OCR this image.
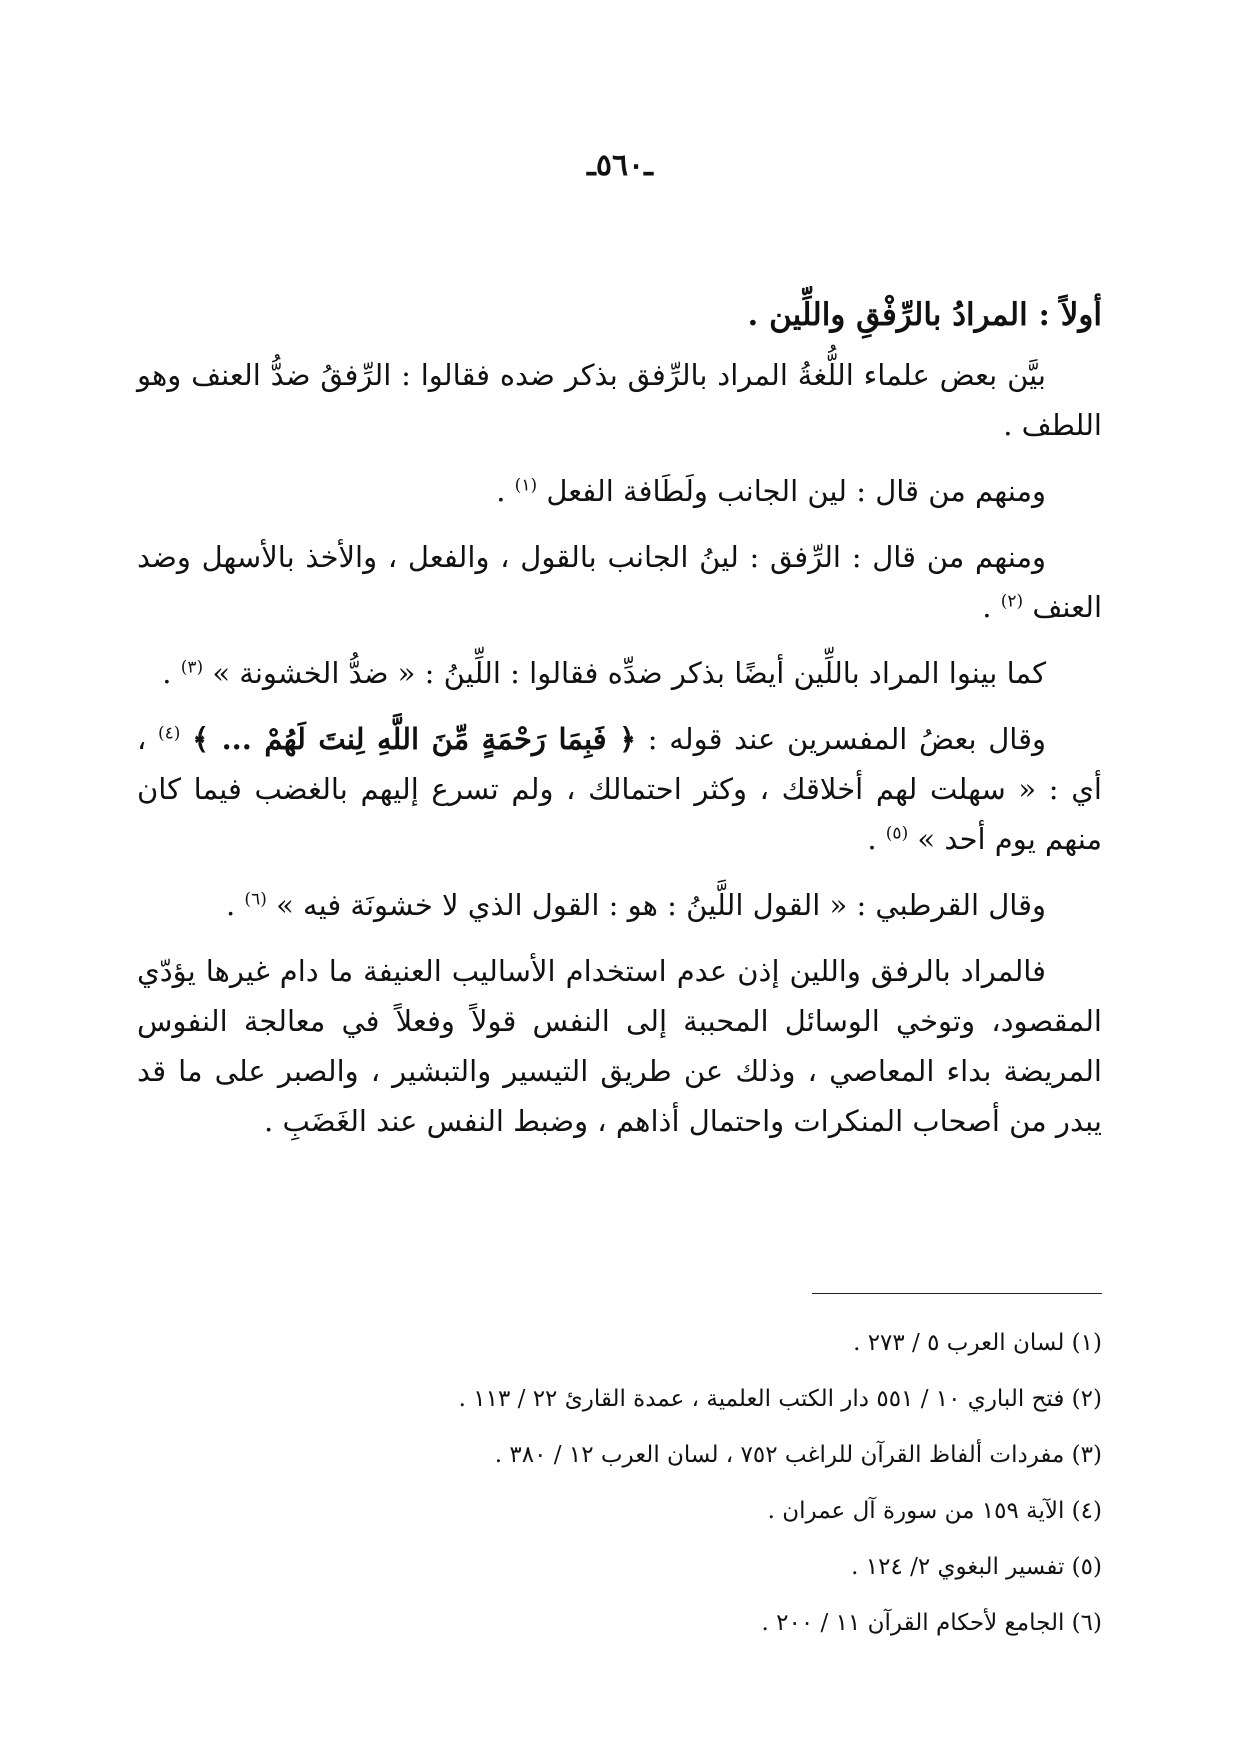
ـ٥٦٠ـ

أولاً : المرادُ بالرِّفْقِ واللِّين .

بيَّن بعض علماء اللُّغةُ المراد بالرِّفق بذكر ضده فقالوا : الرِّفقُ ضدُّ العنف وهو اللطف .

ومنهم من قال : لين الجانب ولَطَافة الفعل $^{(١)}$ .

ومنهم من قال : الرِّفق : لينُ الجانب بالقول ، والفعل ، والأخذ بالأسهل وضد العنف $^{(٢)}$ .

كما بينوا المراد باللِّين أيضًا بذكر ضدِّه فقالوا : اللِّينُ : « ضدُّ الخشونة » $^{(٣)}$ .

وقال بعضُ المفسرين عند قوله : ﴿ فَبِمَا رَحْمَةٍ مِّنَ اللَّهِ لِنتَ لَهُمْ ... ﴾ $^{(٤)}$ ، أي : « سهلت لهم أخلاقك ، وكثر احتمالك ، ولم تسرع إليهم بالغضب فيما كان منهم يوم أحد » $^{(٥)}$ .

وقال القرطبي : « القول اللَّينُ : هو : القول الذي لا خشونَة فيه » $^{(٦)}$ .

فالمراد بالرفق واللين إذن عدم استخدام الأساليب العنيفة ما دام غيرها يؤدّي المقصود، وتوخي الوسائل المحببة إلى النفس قولاً وفعلاً في معالجة النفوس المريضة بداء المعاصي ، وذلك عن طريق التيسير والتبشير ، والصبر على ما قد يبدر من أصحاب المنكرات واحتمال أذاهم ، وضبط النفس عند الغَضَبِ .

(١) لسان العرب ٥ / ٢٧٣ .

(٢) فتح الباري ١٠ / ٥٥١ دار الكتب العلمية ، عمدة القارئ ٢٢ / ١١٣ .

(٣) مفردات ألفاظ القرآن للراغب ٧٥٢ ، لسان العرب ١٢ / ٣٨٠ .

(٤) الآية ١٥٩ من سورة آل عمران .

(٥) تفسير البغوي ٢/ ١٢٤ .

(٦) الجامع لأحكام القرآن ١١ / ٢٠٠ .
